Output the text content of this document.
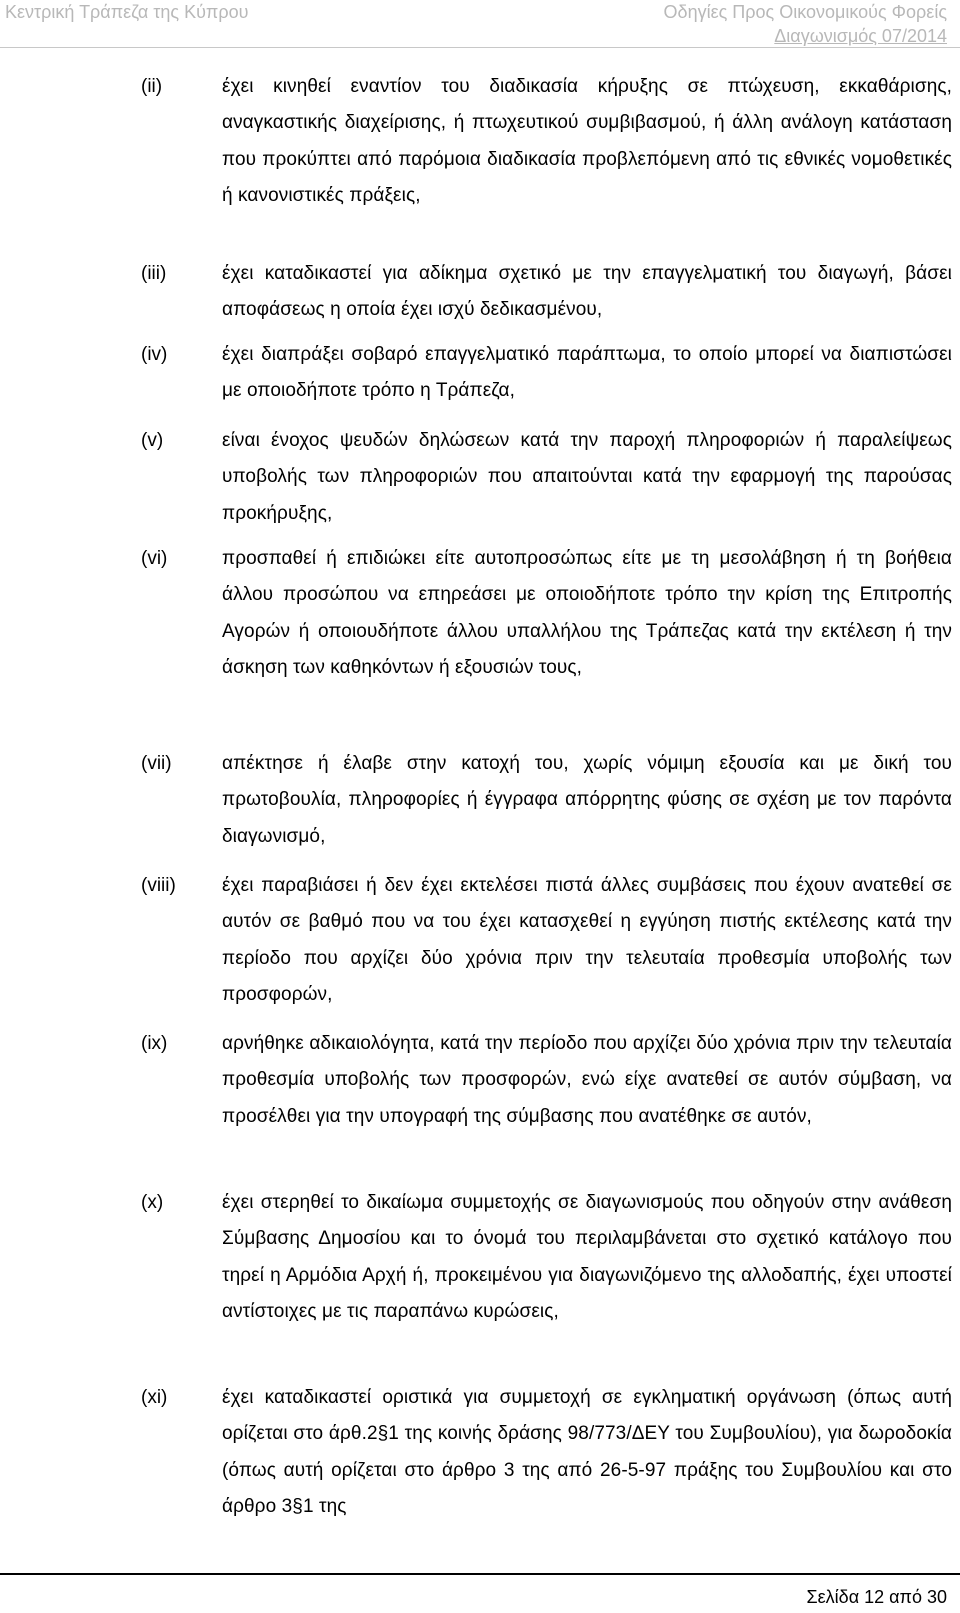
Κεντρική Τράπεζα της Κύπρου	Οδηγίες Προς Οικονομικούς Φορείς
Διαγωνισμός 07/2014
(ii)	έχει κινηθεί εναντίον του διαδικασία κήρυξης σε πτώχευση, εκκαθάρισης, αναγκαστικής διαχείρισης, ή πτωχευτικού συμβιβασμού, ή άλλη ανάλογη κατάσταση που προκύπτει από παρόμοια διαδικασία προβλεπόμενη από τις εθνικές νομοθετικές ή κανονιστικές πράξεις,
(iii)	έχει καταδικαστεί για αδίκημα σχετικό με την επαγγελματική του διαγωγή, βάσει αποφάσεως η οποία έχει ισχύ δεδικασμένου,
(iv)	έχει διαπράξει σοβαρό επαγγελματικό παράπτωμα, το οποίο μπορεί να διαπιστώσει με οποιοδήποτε τρόπο η Τράπεζα,
(v)	είναι ένοχος ψευδών δηλώσεων κατά την παροχή πληροφοριών ή παραλείψεως υποβολής των πληροφοριών που απαιτούνται κατά την εφαρμογή της παρούσας προκήρυξης,
(vi)	προσπαθεί ή επιδιώκει είτε αυτοπροσώπως είτε με τη μεσολάβηση ή τη βοήθεια άλλου προσώπου να επηρεάσει με οποιοδήποτε τρόπο την κρίση της Επιτροπής Αγορών ή οποιουδήποτε άλλου υπαλλήλου της Τράπεζας κατά την εκτέλεση ή την άσκηση των καθηκόντων ή εξουσιών τους,
(vii)	απέκτησε ή έλαβε στην κατοχή του, χωρίς νόμιμη εξουσία και με δική του πρωτοβουλία, πληροφορίες ή έγγραφα απόρρητης φύσης σε σχέση με τον παρόντα διαγωνισμό,
(viii) έχει παραβιάσει ή δεν έχει εκτελέσει πιστά άλλες συμβάσεις που έχουν ανατεθεί σε αυτόν σε βαθμό που να του έχει κατασχεθεί η εγγύηση πιστής εκτέλεσης κατά την περίοδο που αρχίζει δύο χρόνια πριν την τελευταία προθεσμία υποβολής των προσφορών,
(ix)	αρνήθηκε αδικαιολόγητα, κατά την περίοδο που αρχίζει δύο χρόνια πριν την τελευταία προθεσμία υποβολής των προσφορών, ενώ είχε ανατεθεί σε αυτόν σύμβαση, να προσέλθει για την υπογραφή της σύμβασης που ανατέθηκε σε αυτόν,
(x)	έχει στερηθεί το δικαίωμα συμμετοχής σε διαγωνισμούς που οδηγούν στην ανάθεση Σύμβασης Δημοσίου και το όνομά του περιλαμβάνεται στο σχετικό κατάλογο που τηρεί η Αρμόδια Αρχή ή, προκειμένου για διαγωνιζόμενο της αλλοδαπής, έχει υποστεί αντίστοιχες με τις παραπάνω κυρώσεις,
(xi)	έχει καταδικαστεί οριστικά για συμμετοχή σε εγκληματική οργάνωση (όπως αυτή ορίζεται στο άρθ.2§1 της κοινής δράσης 98/773/ΔΕΥ του Συμβουλίου), για δωροδοκία (όπως αυτή ορίζεται στο άρθρο 3 της από 26-5-97 πράξης του Συμβουλίου και στο άρθρο 3§1 της
Σελίδα 12 από 30
